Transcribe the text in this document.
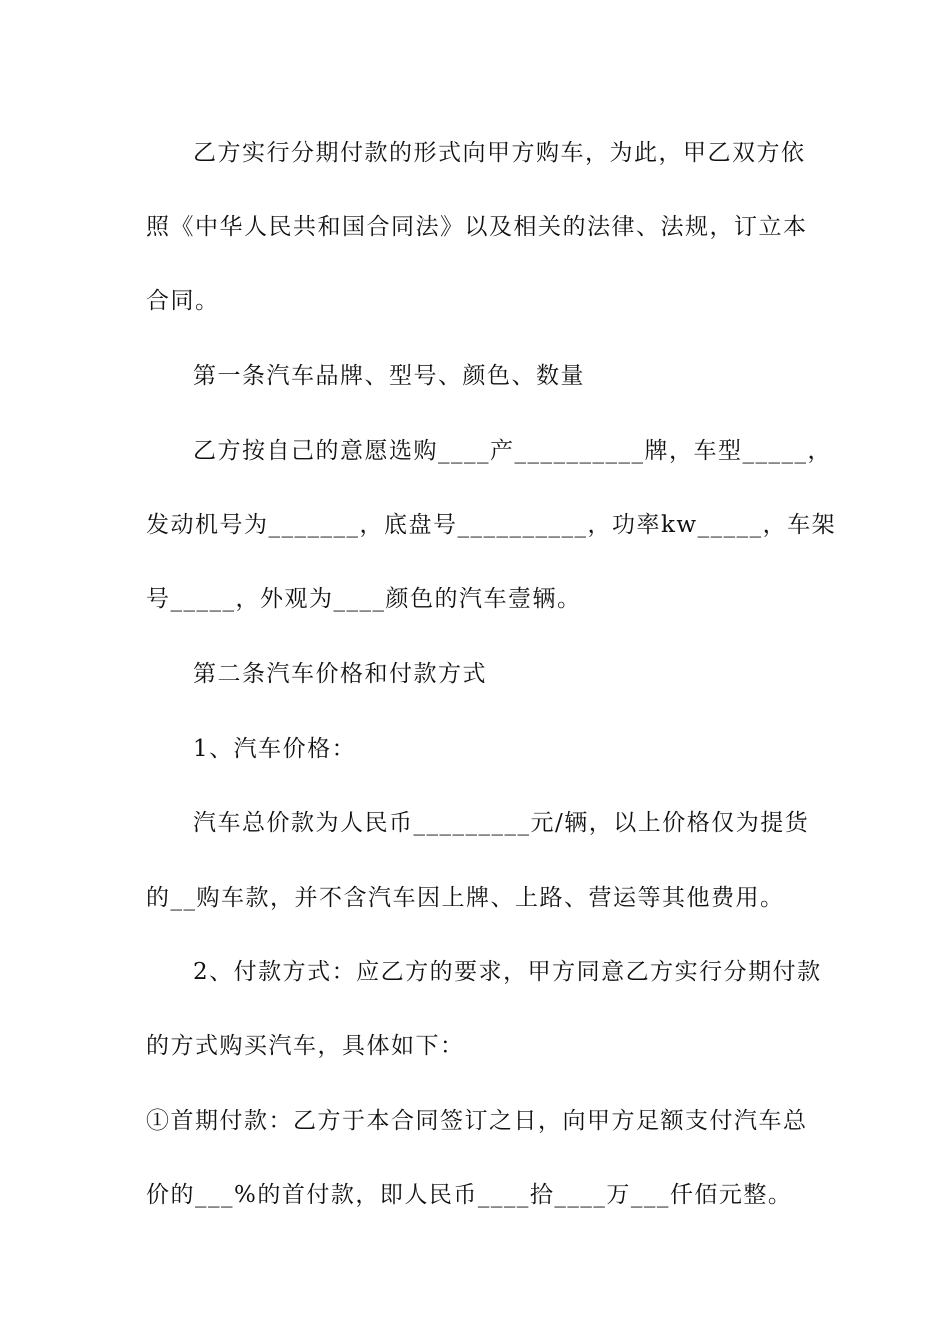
乙方实行分期付款的形式向甲方购车，为此，甲乙双方依
照《中华人民共和国合同法》以及相关的法律、法规，订立本
合同。
第一条汽车品牌、型号、颜色、数量
乙方按自己的意愿选购____产__________牌，车型_____，
发动机号为_______，底盘号__________，功率kw_____，车架
号_____，外观为____颜色的汽车壹辆。
第二条汽车价格和付款方式
1、汽车价格：
汽车总价款为人民币_________元/辆，以上价格仅为提货
的__购车款，并不含汽车因上牌、上路、营运等其他费用。
2、付款方式：应乙方的要求，甲方同意乙方实行分期付款
的方式购买汽车，具体如下：
①首期付款：乙方于本合同签订之日，向甲方足额支付汽车总
价的___%的首付款，即人民币____拾____万___仟佰元整。
